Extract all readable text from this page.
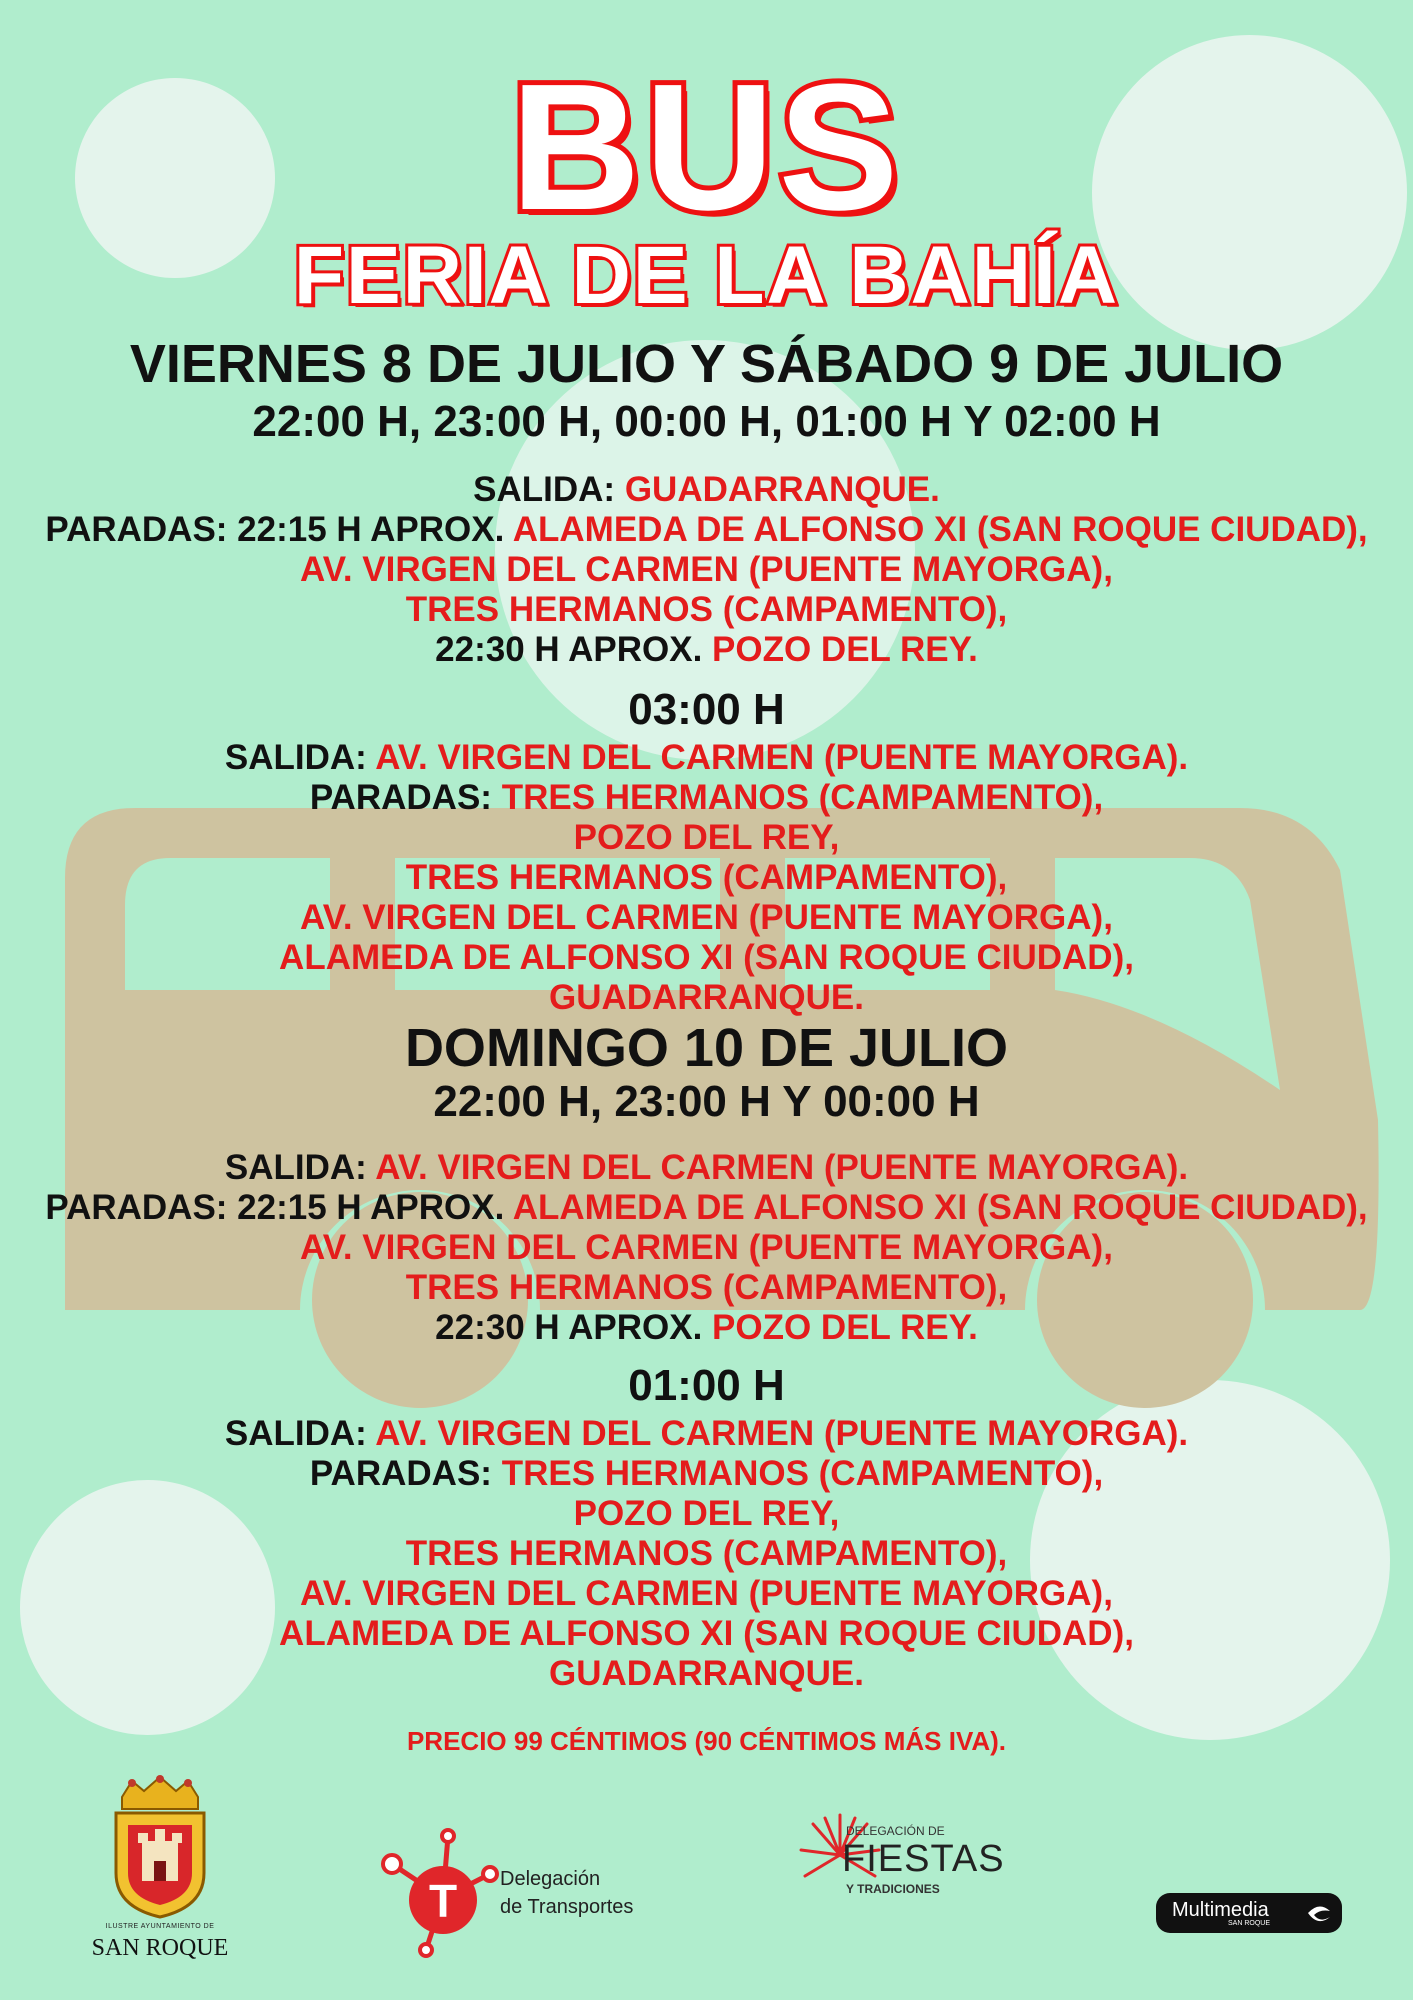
BUS
FERIA DE LA BAHÍA
VIERNES 8 DE JULIO Y SÁBADO 9 DE JULIO
22:00 H, 23:00 H, 00:00 H, 01:00 H Y 02:00 H
SALIDA: GUADARRANQUE.
PARADAS: 22:15 H APROX. ALAMEDA DE ALFONSO XI (SAN ROQUE CIUDAD),
AV. VIRGEN DEL CARMEN (PUENTE MAYORGA),
TRES HERMANOS (CAMPAMENTO),
22:30 H APROX. POZO DEL REY.
03:00 H
SALIDA: AV. VIRGEN DEL CARMEN (PUENTE MAYORGA).
PARADAS: TRES HERMANOS (CAMPAMENTO),
POZO DEL REY,
TRES HERMANOS (CAMPAMENTO),
AV. VIRGEN DEL CARMEN (PUENTE MAYORGA),
ALAMEDA DE ALFONSO XI (SAN ROQUE CIUDAD),
GUADARRANQUE.
DOMINGO 10 DE JULIO
22:00 H, 23:00 H Y 00:00 H
SALIDA: AV. VIRGEN DEL CARMEN (PUENTE MAYORGA).
PARADAS: 22:15 H APROX. ALAMEDA DE ALFONSO XI (SAN ROQUE CIUDAD),
AV. VIRGEN DEL CARMEN (PUENTE MAYORGA),
TRES HERMANOS (CAMPAMENTO),
22:30 H APROX. POZO DEL REY.
01:00 H
SALIDA: AV. VIRGEN DEL CARMEN (PUENTE MAYORGA).
PARADAS: TRES HERMANOS (CAMPAMENTO),
POZO DEL REY,
TRES HERMANOS (CAMPAMENTO),
AV. VIRGEN DEL CARMEN (PUENTE MAYORGA),
ALAMEDA DE ALFONSO XI (SAN ROQUE CIUDAD),
GUADARRANQUE.
PRECIO 99 CÉNTIMOS (90 CÉNTIMOS MÁS IVA).
ILUSTRE AYUNTAMIENTO DE
SAN ROQUE
T	Delegación
de Transportes
DELEGACIÓN DE
FIESTAS
Y TRADICIONES
Multimedia
SAN ROQUE
